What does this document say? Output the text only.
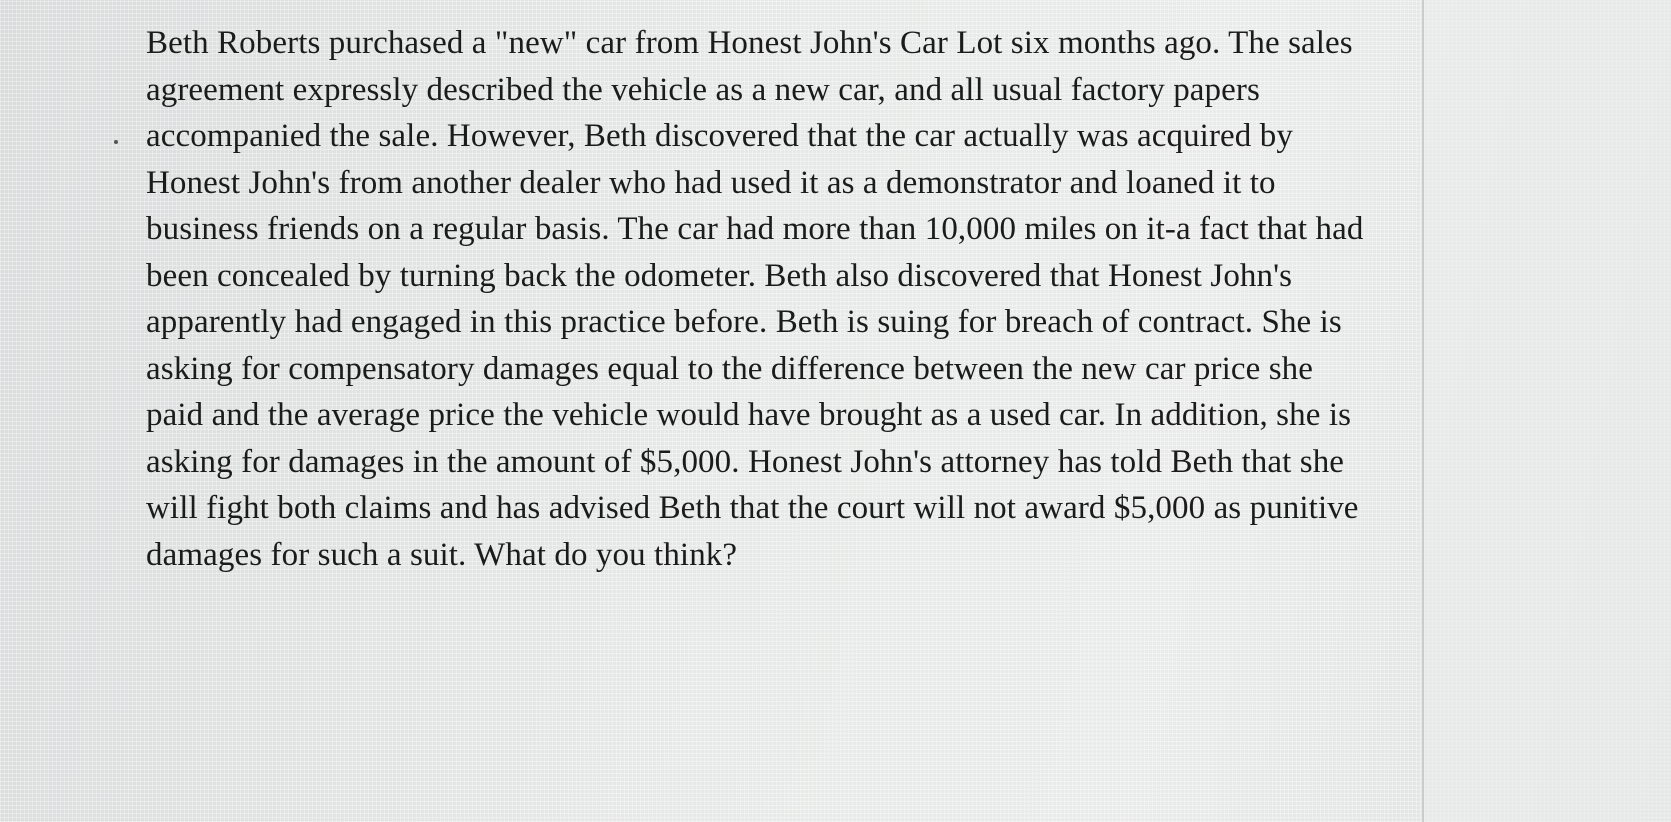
Beth Roberts purchased a "new" car from Honest John's Car Lot six months ago. The sales agreement expressly described the vehicle as a new car, and all usual factory papers accompanied the sale. However, Beth discovered that the car actually was acquired by Honest John's from another dealer who had used it as a demonstrator and loaned it to business friends on a regular basis. The car had more than 10,000 miles on it-a fact that had been concealed by turning back the odometer. Beth also discovered that Honest John's apparently had engaged in this practice before. Beth is suing for breach of contract. She is asking for compensatory damages equal to the difference between the new car price she paid and the average price the vehicle would have brought as a used car. In addition, she is asking for damages in the amount of $5,000. Honest John's attorney has told Beth that she will fight both claims and has advised Beth that the court will not award $5,000 as punitive damages for such a suit. What do you think?
